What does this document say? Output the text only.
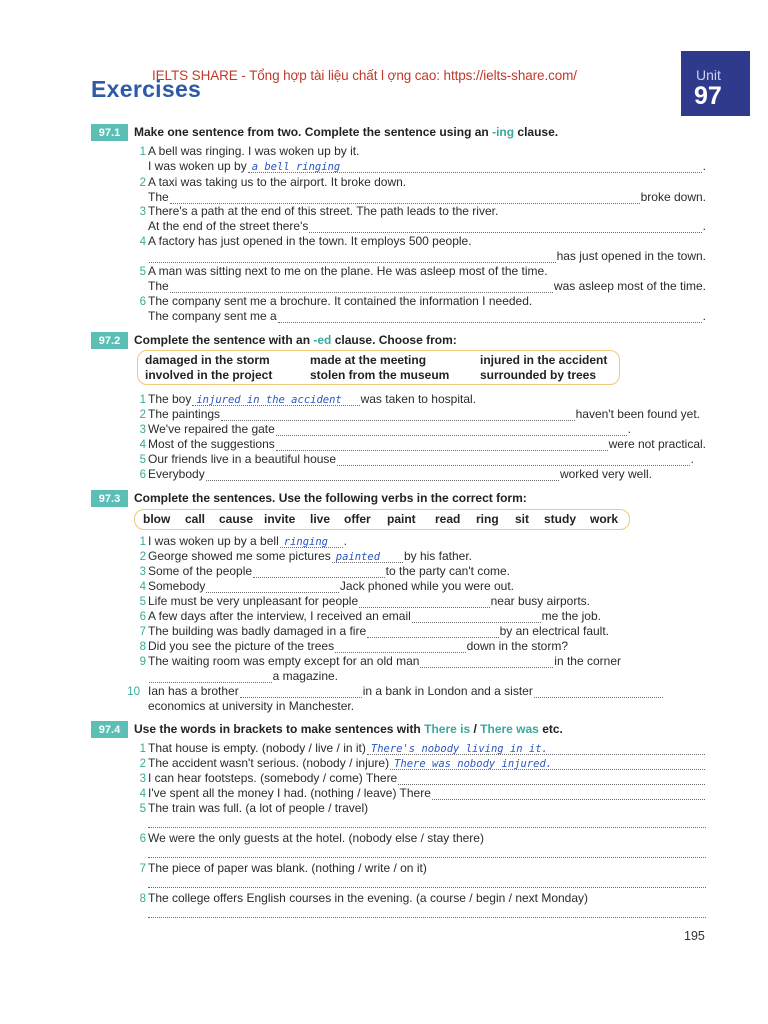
IELTS SHARE - Tổng hợp tài liệu chất l ợng cao: https://ielts-share.com/
Exercises
Unit
97
97.1	Make one sentence from two. Complete the sentence using an -ing clause.
1 A bell was ringing. I was woken up by it.
I was woken up by a bell ringing	.
2 A taxi was taking us to the airport. It broke down.
The	broke down.
3 There's a path at the end of this street. The path leads to the river.
At the end of the street there's	.
4 A factory has just opened in the town. It employs 500 people.
has just opened in the town.
5 A man was sitting next to me on the plane. He was asleep most of the time.
The	was asleep most of the time.
6 The company sent me a brochure. It contained the information I needed.
The company sent me a	.
97.2	Complete the sentence with an -ed clause. Choose from:
damaged in the storm	made at the meeting	injured in the accident
involved in the project	stolen from the museum	surrounded by trees
1 The boy injured in the accident	was taken to hospital.
2 The paintings	haven't been found yet.
3 We've repaired the gate	.
4 Most of the suggestions	were not practical.
5 Our friends live in a beautiful house	.
6 Everybody	worked very well.
97.3	Complete the sentences. Use the following verbs in the correct form:
blow call cause invite live offer paint read ring sit study work
1 I was woken up by a bell ringing	.
2 George showed me some pictures painted	by his father.
3 Some of the people	to the party can't come.
4 Somebody	Jack phoned while you were out.
5 Life must be very unpleasant for people	near busy airports.
6 A few days after the interview, I received an email	me the job.
7 The building was badly damaged in a fire	by an electrical fault.
8 Did you see the picture of the trees	down in the storm?
9 The waiting room was empty except for an old man	in the corner
a magazine.
10 Ian has a brother	in a bank in London and a sister
economics at university in Manchester.
97.4	Use the words in brackets to make sentences with There is / There was etc.
1 That house is empty. (nobody / live / in it) There's nobody living in it.
2 The accident wasn't serious. (nobody / injure) There was nobody injured.
3 I can hear footsteps. (somebody / come) There
4 I've spent all the money I had. (nothing / leave) There
5 The train was full. (a lot of people / travel)
6 We were the only guests at the hotel. (nobody else / stay there)
7 The piece of paper was blank. (nothing / write / on it)
8 The college offers English courses in the evening. (a course / begin / next Monday)
195
